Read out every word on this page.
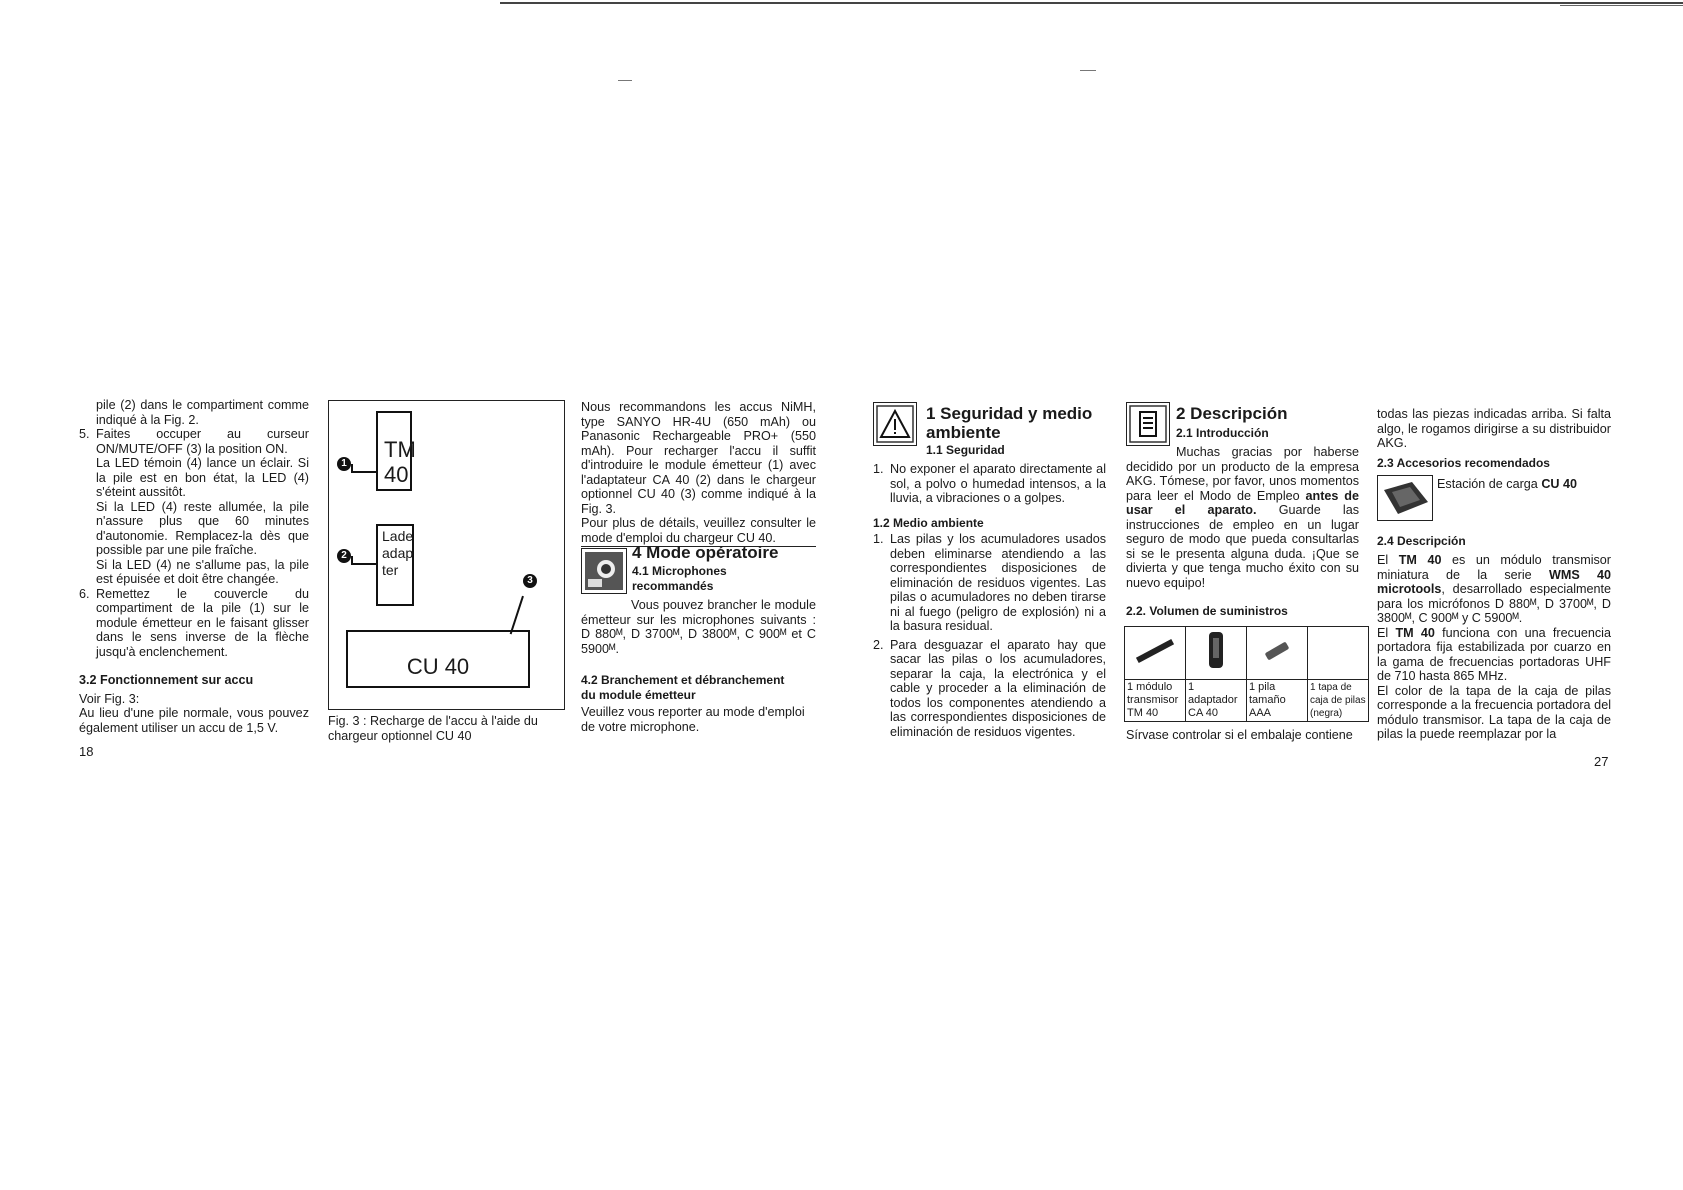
pile (2) dans le compartiment comme indiqué à la Fig. 2.

5. Faites occuper au curseur ON/MUTE/OFF (3) la position ON.

La LED témoin (4) lance un éclair. Si la pile est en bon état, la LED (4) s'éteint aussitôt.

Si la LED (4) reste allumée, la pile n'assure plus que 60 minutes d'autonomie. Remplacez-la dès que possible par une pile fraîche.

Si la LED (4) ne s'allume pas, la pile est épuisée et doit être changée.

6. Remettez le couvercle du compartiment de la pile (1) sur le module émetteur en le faisant glisser dans le sens inverse de la flèche jusqu'à enclenchement.

3.2 Fonctionnement sur accu

Voir Fig. 3:

Au lieu d'une pile normale, vous pouvez également utiliser un accu de 1,5 V.

18
TM 40
Lade adap ter
CU 40
1
2
3

Fig. 3 : Recharge de l'accu à l'aide du chargeur optionnel CU 40

Nous recommandons les accus NiMH, type SANYO HR-4U (650 mAh) ou Panasonic Rechargeable PRO+ (550 mAh). Pour recharger l'accu il suffit d'introduire le module émetteur (1) avec l'adaptateur CA 40 (2) dans le chargeur optionnel CU 40 (3) comme indiqué à la Fig. 3.

Pour plus de détails, veuillez consulter le mode d'emploi du chargeur CU 40.

4 Mode opératoire
4.1 Microphones recommandés

Vous pouvez brancher le module émetteur sur les microphones suivants : D 880ᴹ, D 3700ᴹ, D 3800ᴹ, C 900ᴹ et C 5900ᴹ.

4.2 Branchement et débranchement du module émetteur

Veuillez vous reporter au mode d'emploi de votre microphone.

1 Seguridad y medio ambiente
1.1 Seguridad
1. No exponer el aparato directamente al sol, a polvo o humedad intensos, a la lluvia, a vibraciones o a golpes.

1.2 Medio ambiente
1. Las pilas y los acumuladores usados deben eliminarse atendiendo a las correspondientes disposiciones de eliminación de residuos vigentes. Las pilas o acumuladores no deben tirarse ni al fuego (peligro de explosión) ni a la basura residual.

2. Para desguazar el aparato hay que sacar las pilas o los acumuladores, separar la caja, la electrónica y el cable y proceder a la eliminación de todos los componentes atendiendo a las correspondientes disposiciones de eliminación de residuos vigentes.

2 Descripción
2.1 Introducción

Muchas gracias por haberse decidido por un producto de la empresa AKG. Tómese, por favor, unos momentos para leer el Modo de Empleo antes de usar el aparato. Guarde las instrucciones de empleo en un lugar seguro de modo que pueda consultarlas si se le presenta alguna duda. ¡Que se divierta y que tenga mucho éxito con su nuevo equipo!

2.2. Volumen de suministros

1 módulo transmisor TM 40	1 adaptador CA 40	1 pila tamaño AAA	1 tapa de caja de pilas (negra)

Sírvase controlar si el embalaje contiene

todas las piezas indicadas arriba. Si falta algo, le rogamos dirigirse a su distribuidor AKG.

2.3 Accesorios recomendados

Estación de carga CU 40

2.4 Descripción

El TM 40 es un módulo transmisor miniatura de la serie WMS 40 microtools, desarrollado especialmente para los micrófonos D 880ᴹ, D 3700ᴹ, D 3800ᴹ, C 900ᴹ y C 5900ᴹ.

El TM 40 funciona con una frecuencia portadora fija estabilizada por cuarzo en la gama de frecuencias portadoras UHF de 710 hasta 865 MHz.

El color de la tapa de la caja de pilas corresponde a la frecuencia portadora del módulo transmisor. La tapa de la caja de pilas la puede reemplazar por la

27
